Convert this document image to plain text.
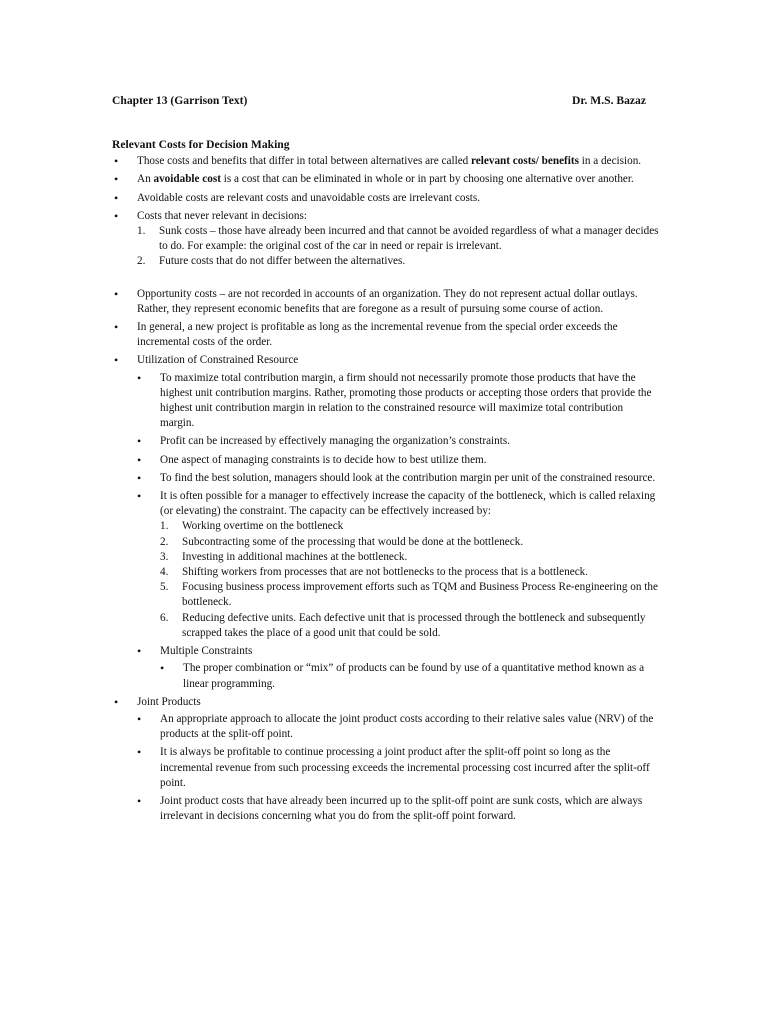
Chapter 13 (Garrison Text)	Dr. M.S. Bazaz
Relevant Costs for Decision Making
• Those costs and benefits that differ in total between alternatives are called relevant costs/ benefits in a decision.
• An avoidable cost is a cost that can be eliminated in whole or in part by choosing one alternative over another.
• Avoidable costs are relevant costs and unavoidable costs are irrelevant costs.
• Costs that never relevant in decisions:
1. Sunk costs – those have already been incurred and that cannot be avoided regardless of what a manager decides to do. For example: the original cost of the car in need or repair is irrelevant.
2. Future costs that do not differ between the alternatives.
• Opportunity costs – are not recorded in accounts of an organization. They do not represent actual dollar outlays. Rather, they represent economic benefits that are foregone as a result of pursuing some course of action.
• In general, a new project is profitable as long as the incremental revenue from the special order exceeds the incremental costs of the order.
• Utilization of Constrained Resource
• To maximize total contribution margin, a firm should not necessarily promote those products that have the highest unit contribution margins. Rather, promoting those products or accepting those orders that provide the highest unit contribution margin in relation to the constrained resource will maximize total contribution margin.
• Profit can be increased by effectively managing the organization’s constraints.
• One aspect of managing constraints is to decide how to best utilize them.
• To find the best solution, managers should look at the contribution margin per unit of the constrained resource.
• It is often possible for a manager to effectively increase the capacity of the bottleneck, which is called relaxing (or elevating) the constraint. The capacity can be effectively increased by:
1. Working overtime on the bottleneck
2. Subcontracting some of the processing that would be done at the bottleneck.
3. Investing in additional machines at the bottleneck.
4. Shifting workers from processes that are not bottlenecks to the process that is a bottleneck.
5. Focusing business process improvement efforts such as TQM and Business Process Re-engineering on the bottleneck.
6. Reducing defective units. Each defective unit that is processed through the bottleneck and subsequently scrapped takes the place of a good unit that could be sold.
• Multiple Constraints
• The proper combination or “mix” of products can be found by use of a quantitative method known as a linear programming.
• Joint Products
• An appropriate approach to allocate the joint product costs according to their relative sales value (NRV) of the products at the split-off point.
• It is always be profitable to continue processing a joint product after the split-off point so long as the incremental revenue from such processing exceeds the incremental processing cost incurred after the split-off point.
• Joint product costs that have already been incurred up to the split-off point are sunk costs, which are always irrelevant in decisions concerning what you do from the split-off point forward.
